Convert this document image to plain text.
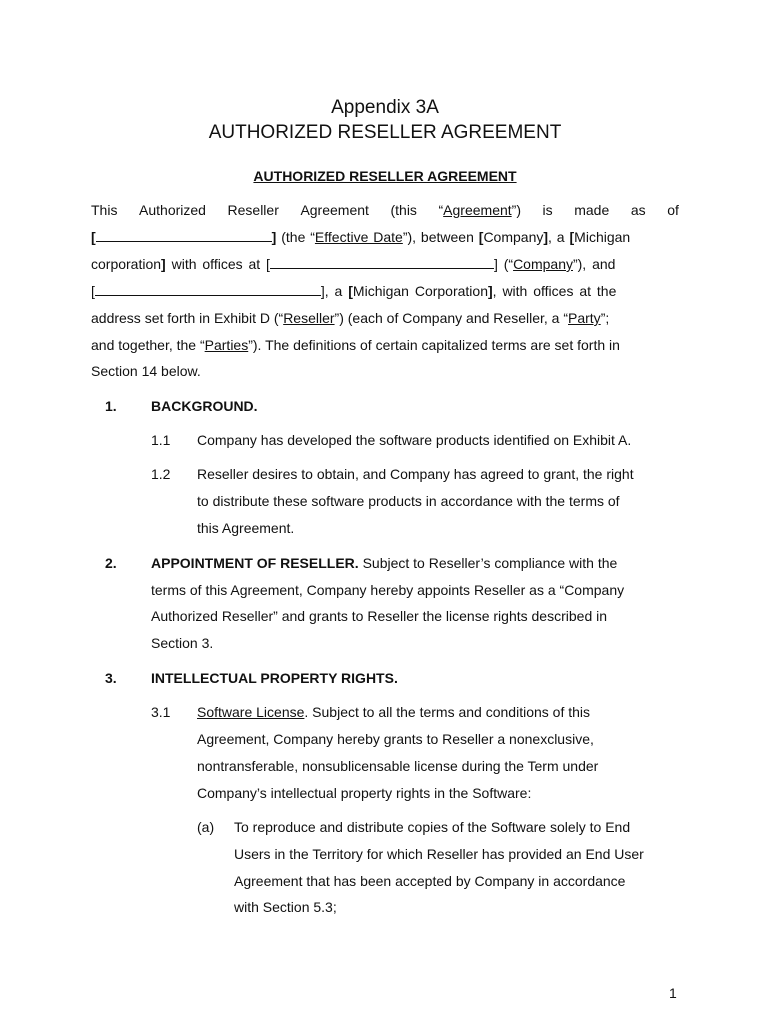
Appendix 3A
AUTHORIZED RESELLER AGREEMENT
AUTHORIZED RESELLER AGREEMENT
This Authorized Reseller Agreement (this “Agreement”) is made as of
[	] (the “Effective Date”), between [Company], a [Michigan
corporation] with offices at [	] (“Company”), and
[	], a [Michigan Corporation], with offices at the
address set forth in Exhibit D (“Reseller”) (each of Company and Reseller, a “Party”;
and together, the “Parties”). The definitions of certain capitalized terms are set forth in
Section 14 below.
1. BACKGROUND.
1.1 Company has developed the software products identified on Exhibit A.
1.2 Reseller desires to obtain, and Company has agreed to grant, the right
to distribute these software products in accordance with the terms of
this Agreement.
2. APPOINTMENT OF RESELLER. Subject to Reseller’s compliance with the
terms of this Agreement, Company hereby appoints Reseller as a “Company
Authorized Reseller” and grants to Reseller the license rights described in
Section 3.
3. INTELLECTUAL PROPERTY RIGHTS.
3.1 Software License. Subject to all the terms and conditions of this
Agreement, Company hereby grants to Reseller a nonexclusive,
nontransferable, nonsublicensable license during the Term under
Company’s intellectual property rights in the Software:
(a) To reproduce and distribute copies of the Software solely to End
Users in the Territory for which Reseller has provided an End User
Agreement that has been accepted by Company in accordance
with Section 5.3;
1
